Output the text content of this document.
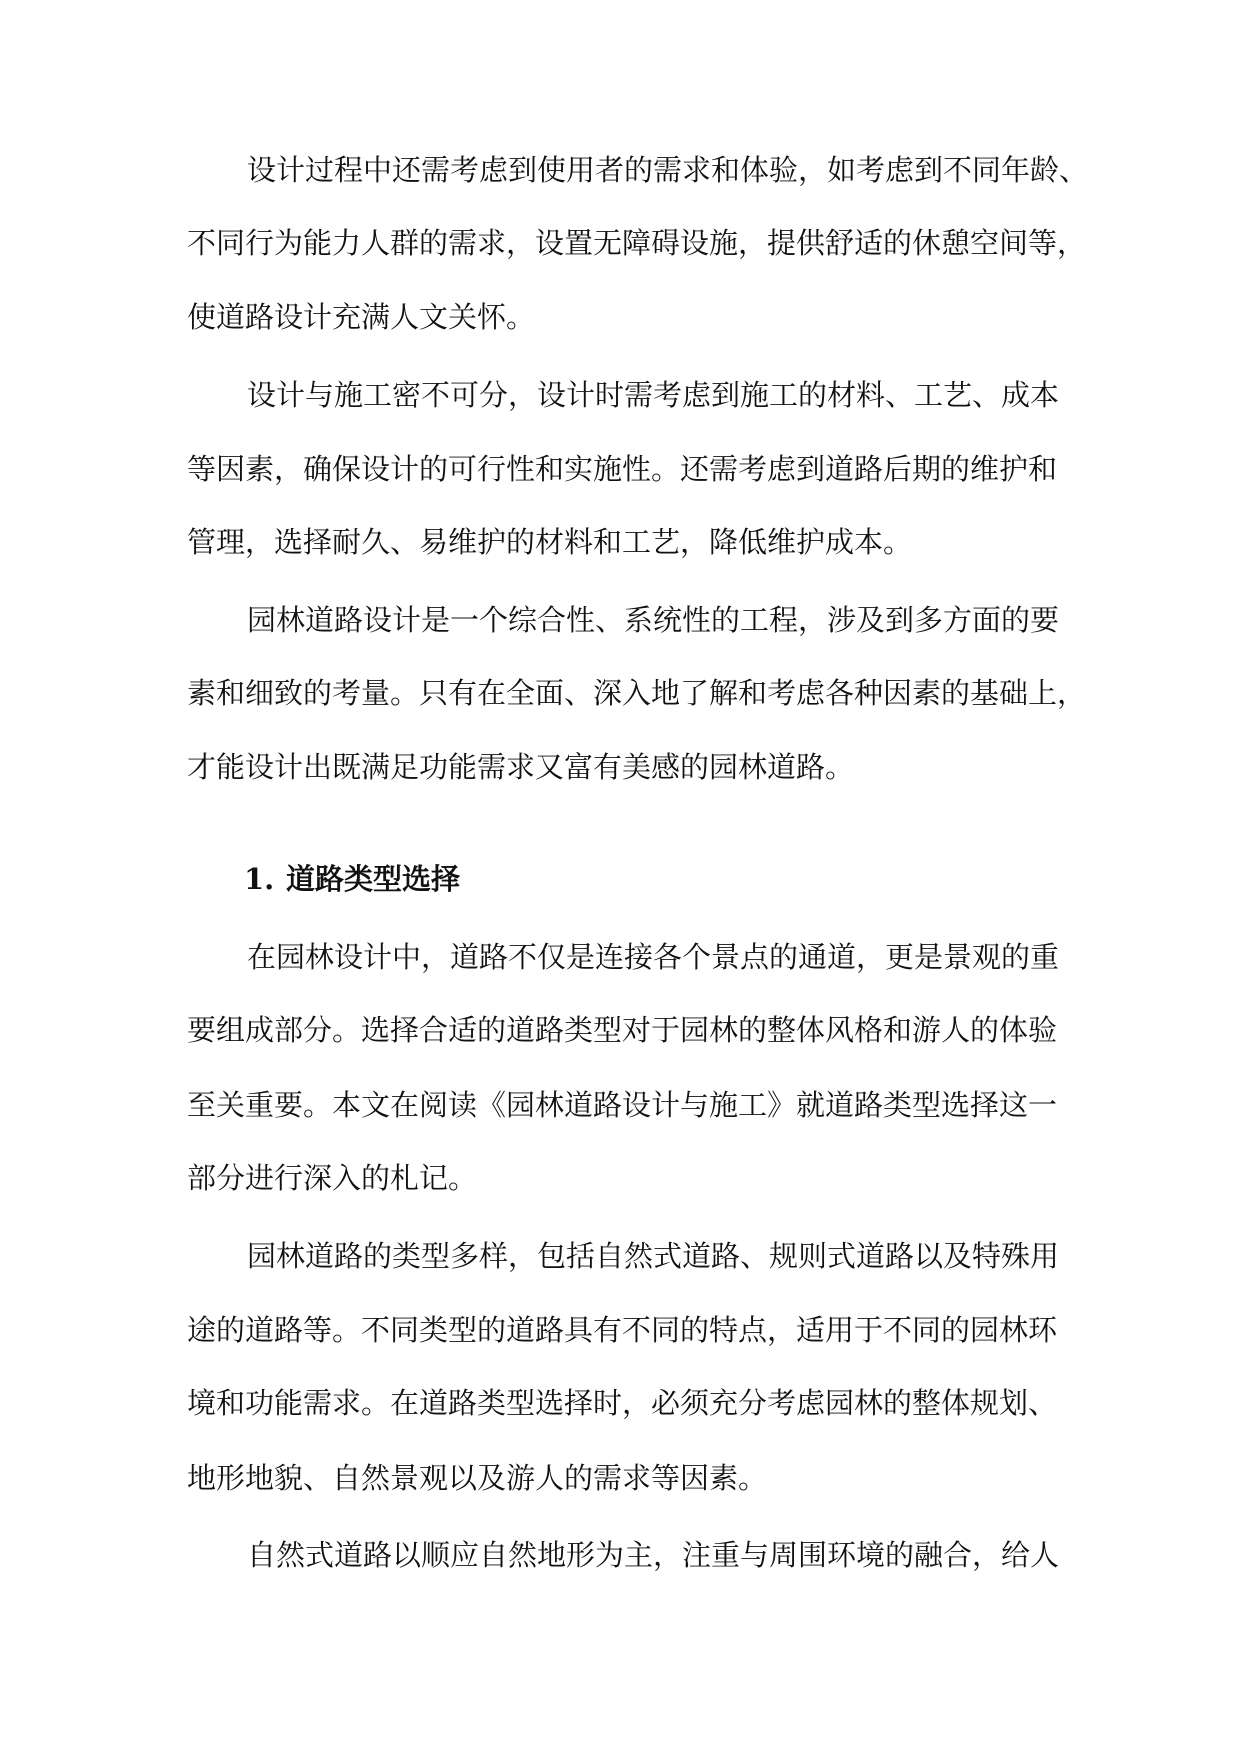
设计过程中还需考虑到使用者的需求和体验，如考虑到不同年龄、
不同行为能力人群的需求，设置无障碍设施，提供舒适的休憩空间等，
使道路设计充满人文关怀。
设计与施工密不可分，设计时需考虑到施工的材料、工艺、成本
等因素，确保设计的可行性和实施性。还需考虑到道路后期的维护和
管理，选择耐久、易维护的材料和工艺，降低维护成本。
园林道路设计是一个综合性、系统性的工程，涉及到多方面的要
素和细致的考量。只有在全面、深入地了解和考虑各种因素的基础上，
才能设计出既满足功能需求又富有美感的园林道路。
1. 道路类型选择
在园林设计中，道路不仅是连接各个景点的通道，更是景观的重
要组成部分。选择合适的道路类型对于园林的整体风格和游人的体验
至关重要。本文在阅读《园林道路设计与施工》就道路类型选择这一
部分进行深入的札记。
园林道路的类型多样，包括自然式道路、规则式道路以及特殊用
途的道路等。不同类型的道路具有不同的特点，适用于不同的园林环
境和功能需求。在道路类型选择时，必须充分考虑园林的整体规划、
地形地貌、自然景观以及游人的需求等因素。
自然式道路以顺应自然地形为主，注重与周围环境的融合，给人
